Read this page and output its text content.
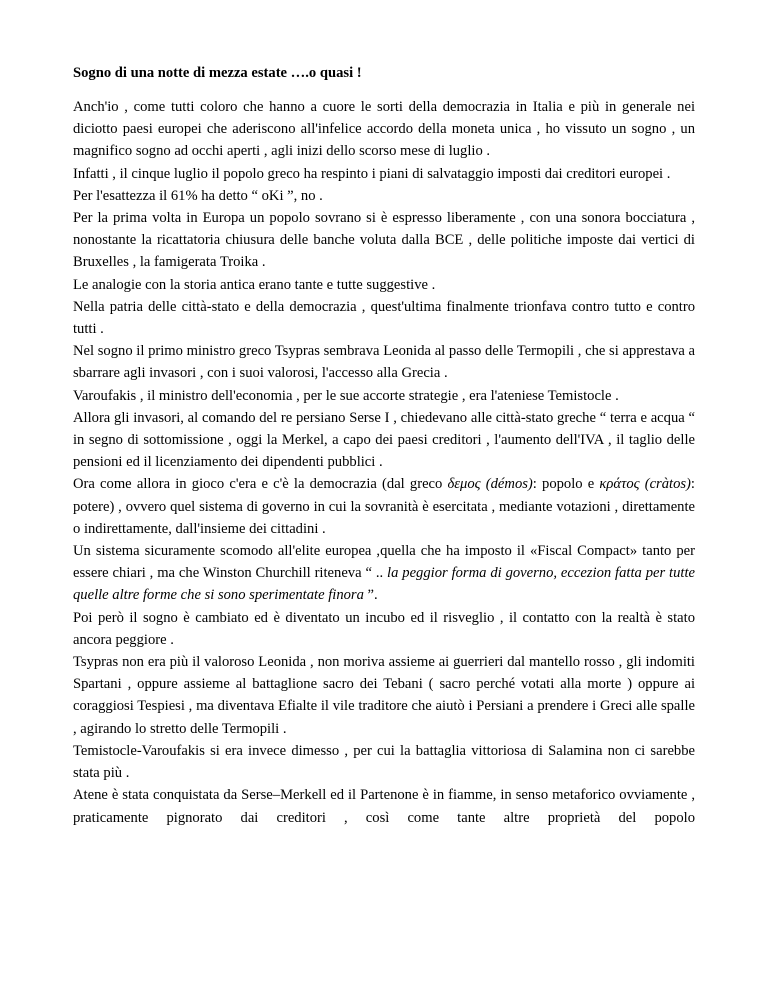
Sogno di una notte di mezza estate ….o quasi !

Anch'io , come tutti coloro che hanno a cuore le sorti della democrazia in Italia e più in generale nei diciotto paesi europei che aderiscono all'infelice accordo della moneta unica , ho vissuto un sogno , un magnifico sogno ad occhi aperti , agli inizi dello scorso mese di luglio .

Infatti , il cinque luglio il popolo greco ha respinto i piani di salvataggio imposti dai creditori europei .

Per l'esattezza il 61% ha detto “ oKi ”, no .

Per la prima volta in Europa un popolo sovrano si è espresso liberamente , con una sonora bocciatura , nonostante la ricattatoria chiusura delle banche voluta dalla BCE , delle politiche imposte dai vertici di Bruxelles , la famigerata Troika .

Le analogie con la storia antica erano tante e tutte suggestive .

Nella patria delle città-stato e della democrazia , quest'ultima finalmente trionfava contro tutto e contro tutti .

Nel sogno il primo ministro greco Tsypras sembrava Leonida al passo delle Termopili , che si apprestava a sbarrare agli invasori , con i suoi valorosi, l'accesso alla Grecia .

Varoufakis , il ministro dell'economia , per le sue accorte strategie , era l'ateniese Temistocle .

Allora gli invasori, al comando del re persiano Serse I , chiedevano alle città-stato greche “ terra e acqua “ in segno di sottomissione , oggi la Merkel, a capo dei paesi creditori , l'aumento dell'IVA , il taglio delle pensioni ed il licenziamento dei dipendenti pubblici .

Ora come allora in gioco c'era e c'è la democrazia (dal greco δεμος (démos): popolo e κράτος (cràtos): potere) , ovvero quel sistema di governo in cui la sovranità è esercitata , mediante votazioni , direttamente o indirettamente, dall'insieme dei cittadini .

Un sistema sicuramente scomodo all'elite europea ,quella che ha imposto il «Fiscal Compact» tanto per essere chiari , ma che Winston Churchill riteneva “ .. la peggior forma di governo, eccezion fatta per tutte quelle altre forme che si sono sperimentate finora ”.

Poi però il sogno è cambiato ed è diventato un incubo ed il risveglio , il contatto con la realtà è stato ancora peggiore .

Tsypras non era più il valoroso Leonida , non moriva assieme ai guerrieri dal mantello rosso , gli indomiti Spartani , oppure assieme al battaglione sacro dei Tebani ( sacro perché votati alla morte ) oppure ai coraggiosi Tespiesi , ma diventava Efialte il vile traditore che aiutò i Persiani a prendere i Greci alle spalle , agirando lo stretto delle Termopili .

Temistocle-Varoufakis si era invece dimesso , per cui la battaglia vittoriosa di Salamina non ci sarebbe stata più .

Atene è stata conquistata da Serse–Merkell ed il Partenone è in fiamme, in senso metaforico ovviamente , praticamente pignorato dai creditori , così come tante altre proprietà del popolo
